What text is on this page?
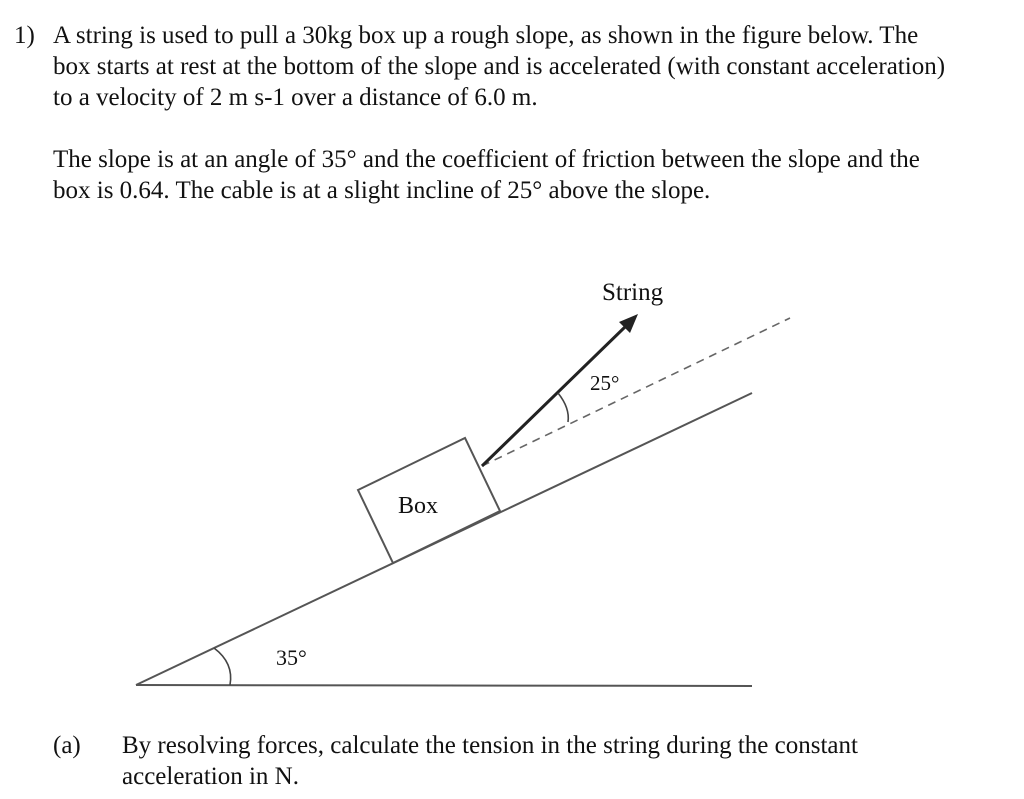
1) A string is used to pull a 30kg box up a rough slope, as shown in the figure below. The
box starts at rest at the bottom of the slope and is accelerated (with constant acceleration)
to a velocity of 2 m s-1 over a distance of 6.0 m.
The slope is at an angle of 35° and the coefficient of friction between the slope and the
box is 0.64. The cable is at a slight incline of 25° above the slope.
35°
Box
String
25°
(a) By resolving forces, calculate the tension in the string during the constant
acceleration in N.
